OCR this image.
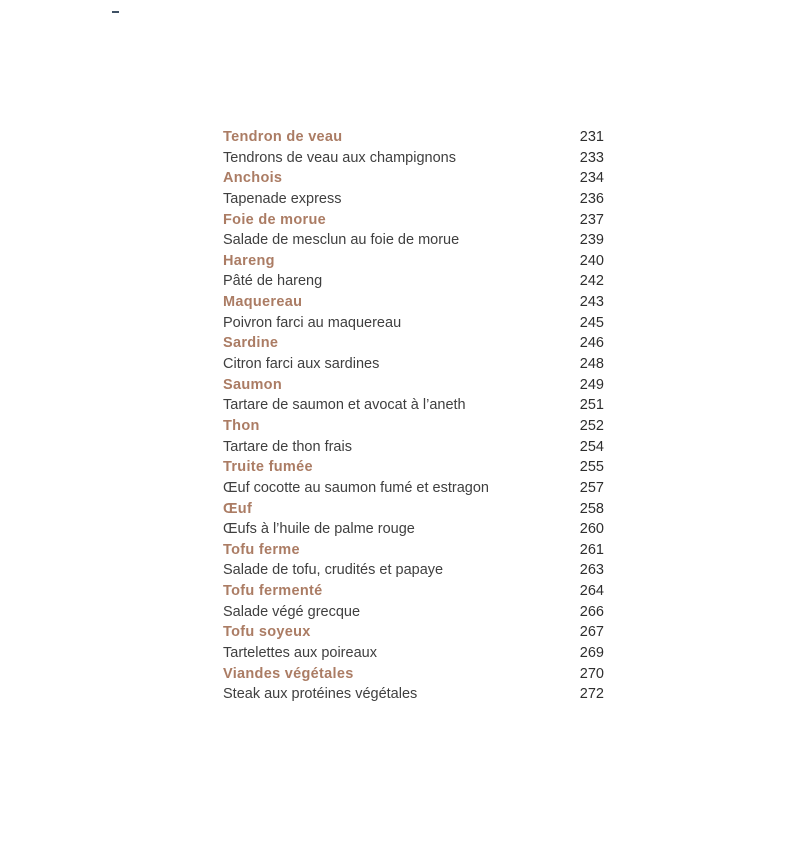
Tendron de veau	231
Tendrons de veau aux champignons	233
Anchois	234
Tapenade express	236
Foie de morue	237
Salade de mesclun au foie de morue	239
Hareng	240
Pâté de hareng	242
Maquereau	243
Poivron farci au maquereau	245
Sardine	246
Citron farci aux sardines	248
Saumon	249
Tartare de saumon et avocat à l’aneth	251
Thon	252
Tartare de thon frais	254
Truite fumée	255
Œuf cocotte au saumon fumé et estragon	257
Œuf	258
Œufs à l’huile de palme rouge	260
Tofu ferme	261
Salade de tofu, crudités et papaye	263
Tofu fermenté	264
Salade végé grecque	266
Tofu soyeux	267
Tartelettes aux poireaux	269
Viandes végétales	270
Steak aux protéines végétales	272
